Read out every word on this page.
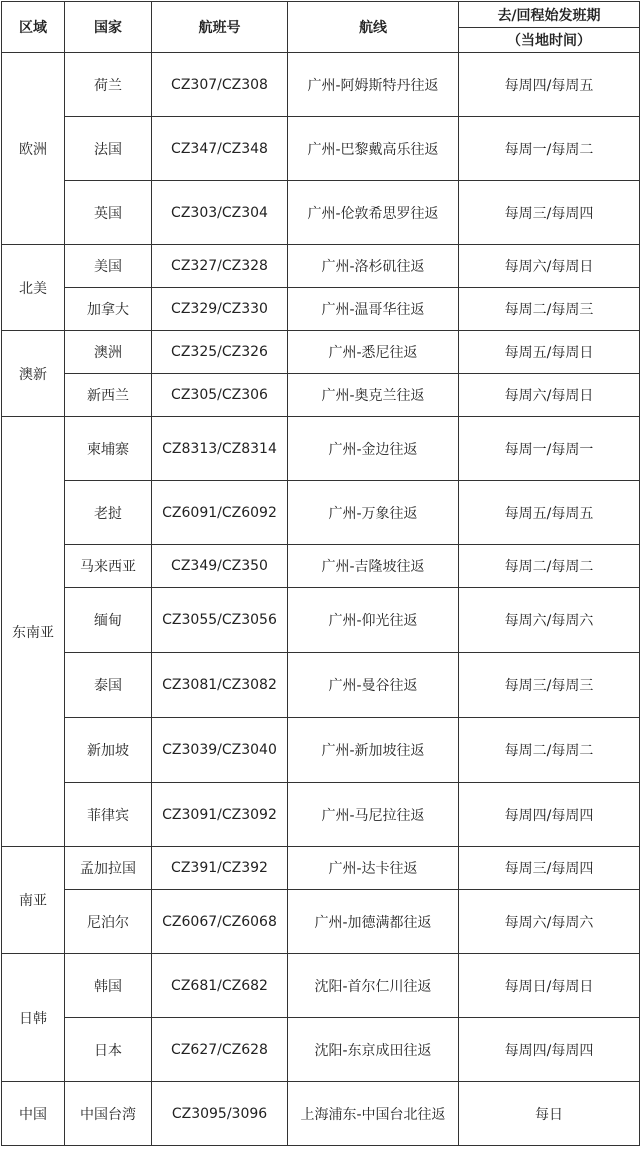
区域	国家	航班号	航线	去/回程始发班期
				（当地时间）
欧洲	荷兰	CZ307/CZ308	广州-阿姆斯特丹往返	每周四/每周五
	法国	CZ347/CZ348	广州-巴黎戴高乐往返	每周一/每周二
	英国	CZ303/CZ304	广州-伦敦希思罗往返	每周三/每周四
北美	美国	CZ327/CZ328	广州-洛杉矶往返	每周六/每周日
	加拿大	CZ329/CZ330	广州-温哥华往返	每周二/每周三
澳新	澳洲	CZ325/CZ326	广州-悉尼往返	每周五/每周日
	新西兰	CZ305/CZ306	广州-奥克兰往返	每周六/每周日
东南亚	柬埔寨	CZ8313/CZ8314	广州-金边往返	每周一/每周一
	老挝	CZ6091/CZ6092	广州-万象往返	每周五/每周五
	马来西亚	CZ349/CZ350	广州-吉隆坡往返	每周二/每周二
	缅甸	CZ3055/CZ3056	广州-仰光往返	每周六/每周六
	泰国	CZ3081/CZ3082	广州-曼谷往返	每周三/每周三
	新加坡	CZ3039/CZ3040	广州-新加坡往返	每周二/每周二
	菲律宾	CZ3091/CZ3092	广州-马尼拉往返	每周四/每周四
南亚	孟加拉国	CZ391/CZ392	广州-达卡往返	每周三/每周四
	尼泊尔	CZ6067/CZ6068	广州-加德满都往返	每周六/每周六
日韩	韩国	CZ681/CZ682	沈阳-首尔仁川往返	每周日/每周日
	日本	CZ627/CZ628	沈阳-东京成田往返	每周四/每周四
中国	中国台湾	CZ3095/3096	上海浦东-中国台北往返	每日
